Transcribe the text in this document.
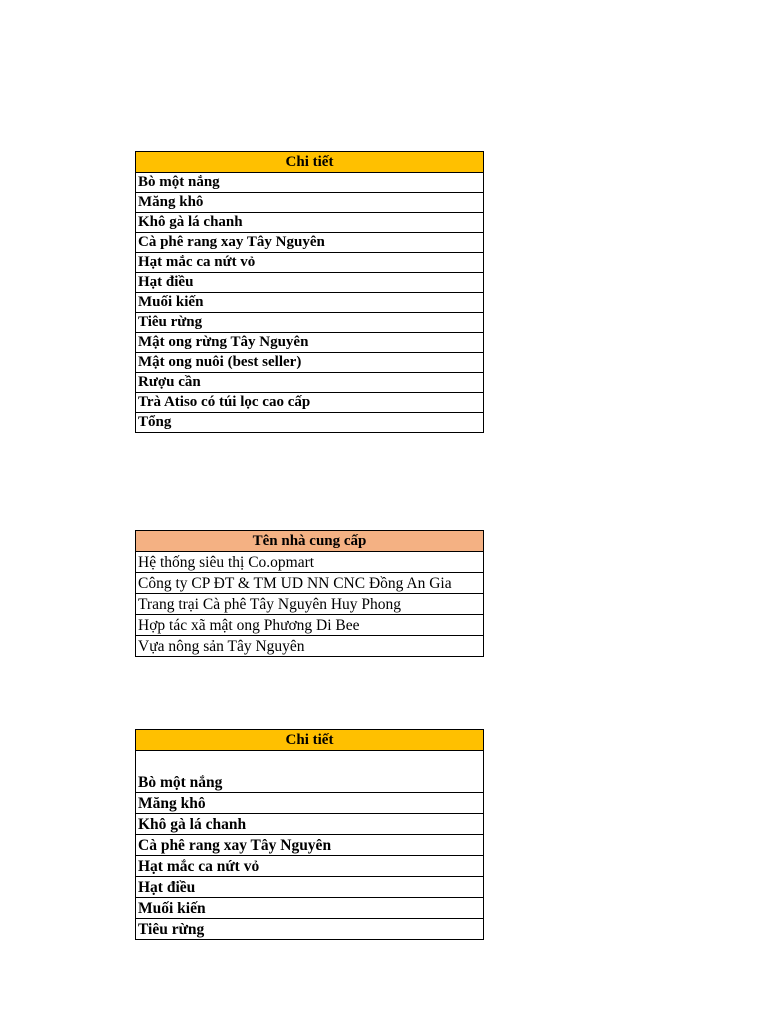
Chi tiết
Bò một nắng
Măng khô
Khô gà lá chanh
Cà phê rang xay Tây Nguyên
Hạt mắc ca nứt vỏ
Hạt điều
Muối kiến
Tiêu rừng
Mật ong rừng Tây Nguyên
Mật ong nuôi (best seller)
Rượu cần
Trà Atiso có túi lọc cao cấp
Tổng
Tên nhà cung cấp
Hệ thống siêu thị Co.opmart
Công ty CP ĐT & TM UD NN CNC Đồng An Gia
Trang trại Cà phê Tây Nguyên Huy Phong
Hợp tác xã mật ong Phương Di Bee
Vựa nông sản Tây Nguyên
Chi tiết
Bò một nắng
Măng khô
Khô gà lá chanh
Cà phê rang xay Tây Nguyên
Hạt mắc ca nứt vỏ
Hạt điều
Muối kiến
Tiêu rừng
